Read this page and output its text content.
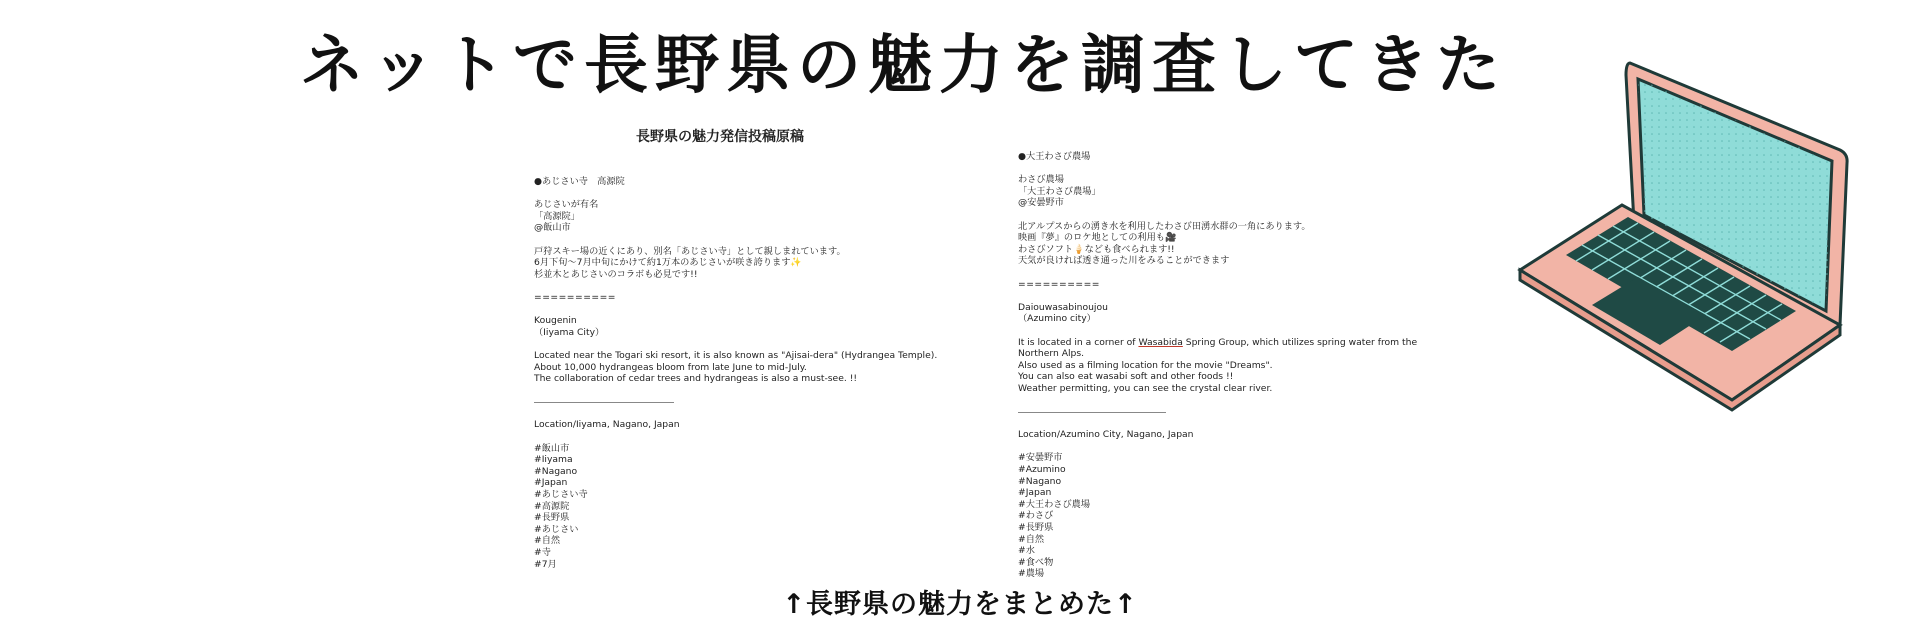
ネットで長野県の魅力を調査してきた
長野県の魅力発信投稿原稿
●あじさい寺　高源院
あじさいが有名
「高源院」
@飯山市
戸狩スキー場の近くにあり、別名「あじさい寺」として親しまれています。
6月下旬～7月中旬にかけて約1万本のあじさいが咲き誇ります✨
杉並木とあじさいのコラボも必見です!!
==========
Kougenin
（Iiyama City）
Located near the Togari ski resort, it is also known as "Ajisai-dera" (Hydrangea Temple).
About 10,000 hydrangeas bloom from late June to mid-July.
The collaboration of cedar trees and hydrangeas is also a must-see. !!
Location/Iiyama, Nagano, Japan
#飯山市
#Iiyama
#Nagano
#Japan
#あじさい寺
#高源院
#長野県
#あじさい
#自然
#寺
#7月
●大王わさび農場
わさび農場
「大王わさび農場」
@安曇野市
北アルプスからの湧き水を利用したわさび田湧水群の一角にあります。
映画『夢』のロケ地としての利用も🎥
わさびソフト🍦なども食べられます!!
天気が良ければ透き通った川をみることができます
==========
Daiouwasabinoujou
（Azumino city）
It is located in a corner of Wasabida Spring Group, which utilizes spring water from the
Northern Alps.
Also used as a filming location for the movie "Dreams".
You can also eat wasabi soft and other foods !!
Weather permitting, you can see the crystal clear river.
Location/Azumino City, Nagano, Japan
#安曇野市
#Azumino
#Nagano
#Japan
#大王わさび農場
#わさび
#長野県
#自然
#水
#食べ物
#農場
↑長野県の魅力をまとめた↑
